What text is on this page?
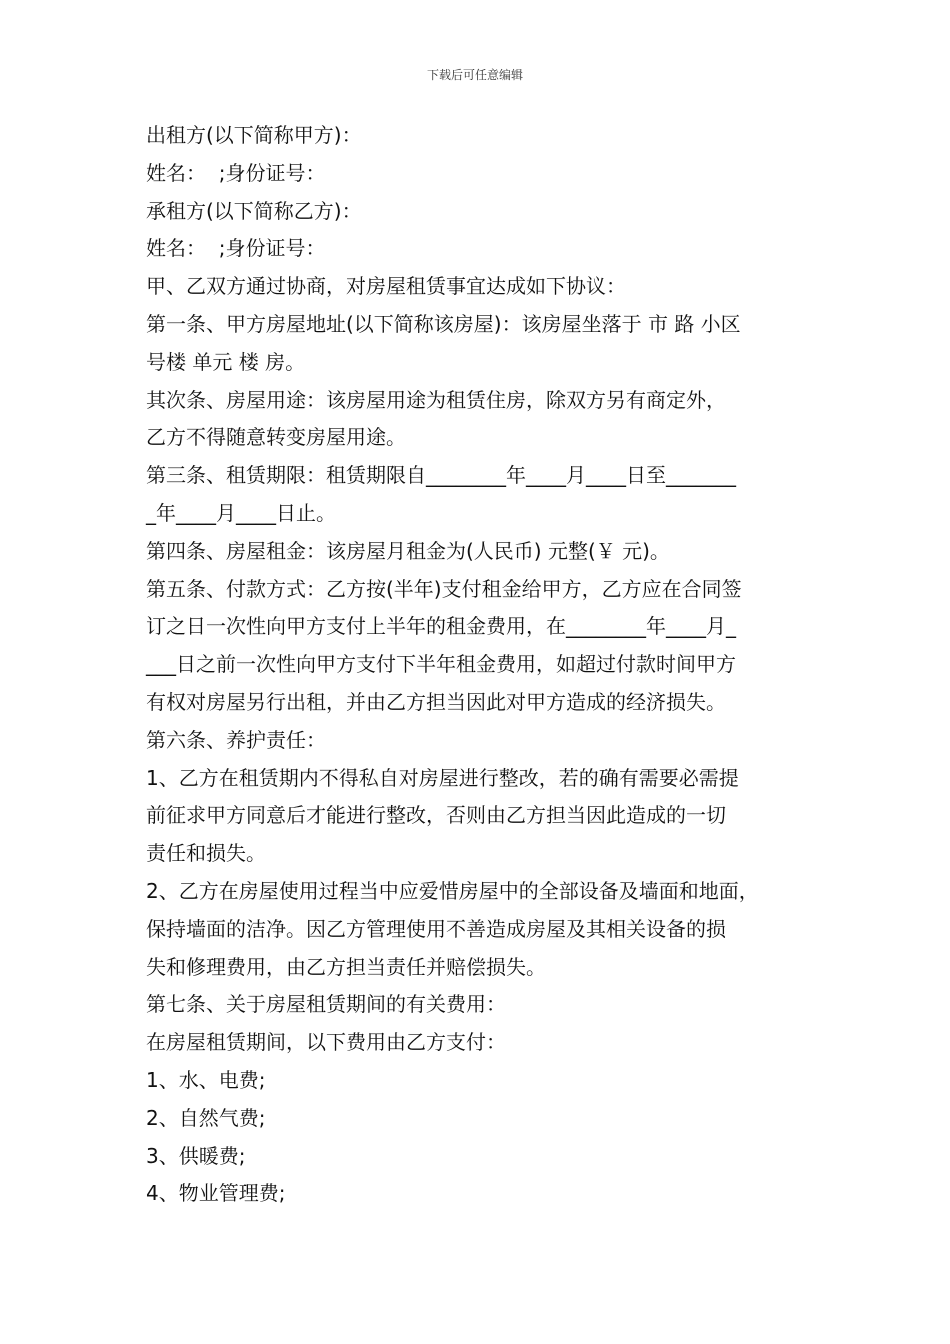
下载后可任意编辑

出租方(以下简称甲方)：

姓名：  ;身份证号：

承租方(以下简称乙方)：

姓名：  ;身份证号：

甲、乙双方通过协商，对房屋租赁事宜达成如下协议：

第一条、甲方房屋地址(以下简称该房屋)：该房屋坐落于 市 路 小区

号楼 单元 楼 房。

其次条、房屋用途：该房屋用途为租赁住房，除双方另有商定外，

乙方不得随意转变房屋用途。

第三条、租赁期限：租赁期限自________年____月____日至_______

_年____月____日止。

第四条、房屋租金：该房屋月租金为(人民币) 元整(￥ 元)。

第五条、付款方式：乙方按(半年)支付租金给甲方，乙方应在合同签

订之日一次性向甲方支付上半年的租金费用，在________年____月_

___日之前一次性向甲方支付下半年租金费用，如超过付款时间甲方

有权对房屋另行出租，并由乙方担当因此对甲方造成的经济损失。

第六条、养护责任：

1、乙方在租赁期内不得私自对房屋进行整改，若的确有需要必需提

前征求甲方同意后才能进行整改，否则由乙方担当因此造成的一切

责任和损失。

2、乙方在房屋使用过程当中应爱惜房屋中的全部设备及墙面和地面，

保持墙面的洁净。因乙方管理使用不善造成房屋及其相关设备的损

失和修理费用，由乙方担当责任并赔偿损失。

第七条、关于房屋租赁期间的有关费用：

在房屋租赁期间，以下费用由乙方支付：

1、水、电费;

2、自然气费;

3、供暖费;

4、物业管理费;
